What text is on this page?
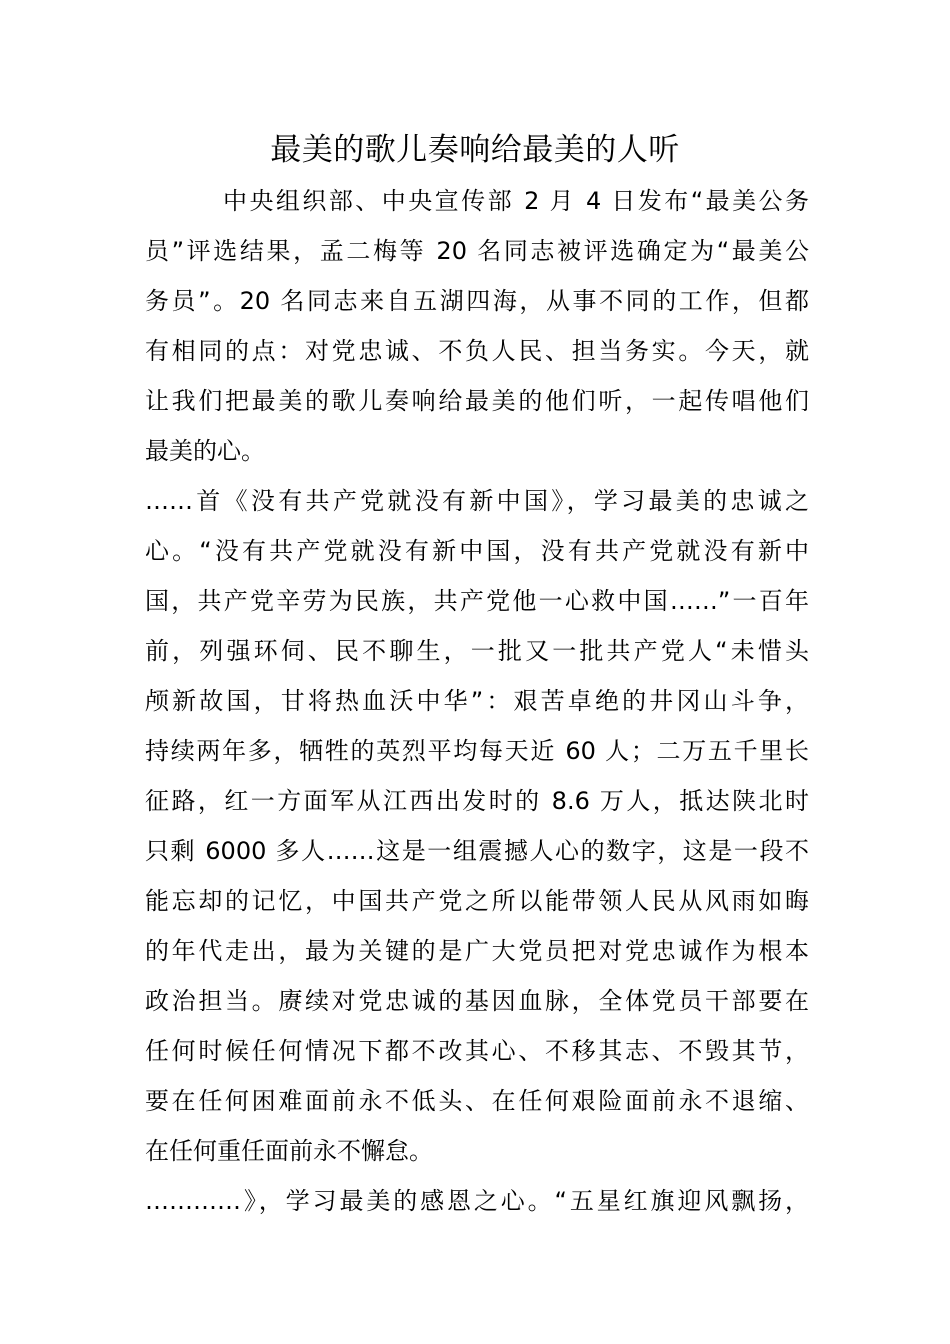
最美的歌儿奏响给最美的人听
中央组织部、中央宣传部 2 月 4 日发布“最美公务
员”评选结果，孟二梅等 20 名同志被评选确定为“最美公
务员”。20 名同志来自五湖四海，从事不同的工作，但都
有相同的点：对党忠诚、不负人民、担当务实。今天，就
让我们把最美的歌儿奏响给最美的他们听，一起传唱他们
最美的心。
……首《没有共产党就没有新中国》，学习最美的忠诚之
心。“没有共产党就没有新中国，没有共产党就没有新中
国，共产党辛劳为民族，共产党他一心救中国……”一百年
前，列强环伺、民不聊生，一批又一批共产党人“未惜头
颅新故国，甘将热血沃中华”：艰苦卓绝的井冈山斗争，
持续两年多，牺牲的英烈平均每天近 60 人；二万五千里长
征路，红一方面军从江西出发时的 8.6 万人，抵达陕北时
只剩 6000 多人……这是一组震撼人心的数字，这是一段不
能忘却的记忆，中国共产党之所以能带领人民从风雨如晦
的年代走出，最为关键的是广大党员把对党忠诚作为根本
政治担当。赓续对党忠诚的基因血脉，全体党员干部要在
任何时候任何情况下都不改其心、不移其志、不毁其节，
要在任何困难面前永不低头、在任何艰险面前永不退缩、
在任何重任面前永不懈怠。
…………》，学习最美的感恩之心。“五星红旗迎风飘扬，
